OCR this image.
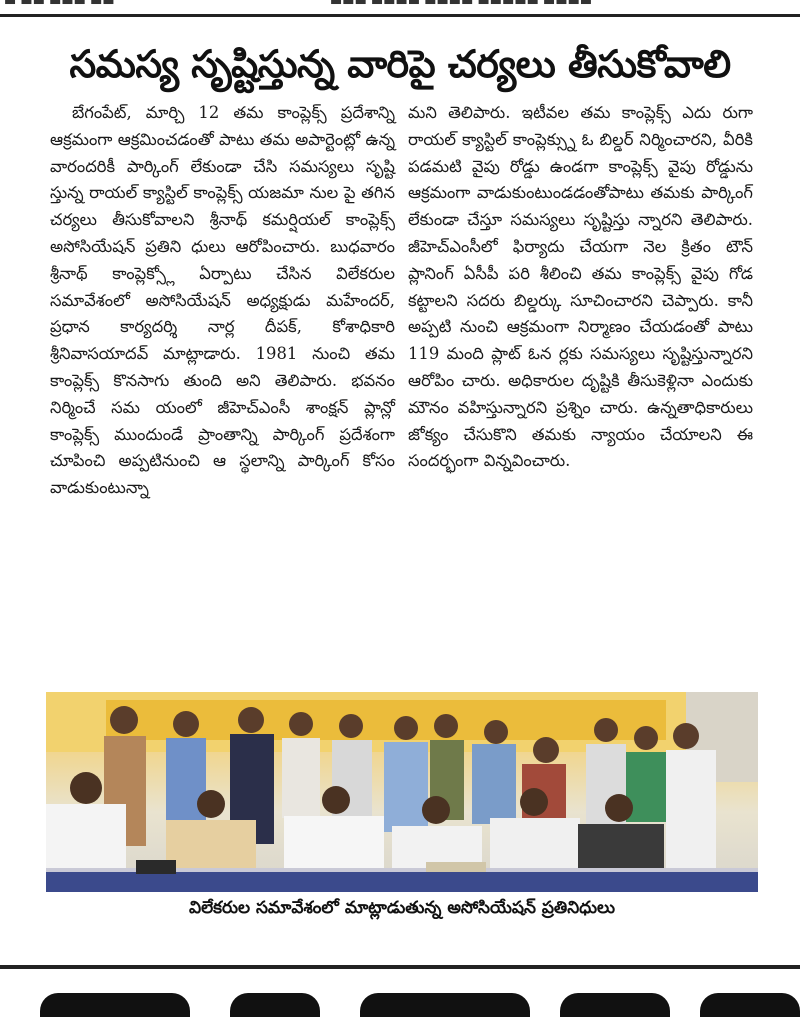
▬ ▬▬ ▬▬▬ ▬▬	▬▬▬ ▬▬▬▬ ▬▬▬▬ ▬▬▬▬▬ ▬▬▬▬
సమస్య సృష్టిస్తున్న వారిపై చర్యలు తీసుకోవాలి
బేగంపేట్, మార్చి 12 తమ కాంప్లెక్స్ ప్రదేశాన్ని ఆక్రమంగా ఆక్రమించడంతో పాటు తమ అపార్టెంట్లో ఉన్న వారందరికీ పార్కింగ్ లేకుండా చేసి సమస్యలు సృష్టి స్తున్న రాయల్ క్యాస్టిల్ కాంప్లెక్స్ యజమా నుల పై తగిన చర్యలు తీసుకోవాలని శ్రీనాథ్ కమర్షియల్ కాంప్లెక్స్ అసోసియేషన్ ప్రతిని ధులు ఆరోపించారు. బుధవారం శ్రీనాథ్ కాంప్లెక్స్లో ఏర్పాటు చేసిన విలేకరుల సమావేశంలో అసోసియేషన్ అధ్యక్షుడు మహేందర్, ప్రధాన కార్యదర్శి నార్ల దీపక్, కోశాధికారి శ్రీనివాసయాదవ్ మాట్లాడారు. 1981 నుంచి తమ కాంప్లెక్స్ కొనసాగు తుంది అని తెలిపారు. భవనం నిర్మించే సమ యంలో జీహెచ్ఎంసీ శాంక్షన్ ప్లాన్లో కాంప్లెక్స్ ముందుండే ప్రాంతాన్ని పార్కింగ్ ప్రదేశంగా చూపించి అప్పటినుంచి ఆ స్థలాన్ని పార్కింగ్ కోసం వాడుకుంటున్నా
మని తెలిపారు. ఇటీవల తమ కాంప్లెక్స్ ఎదు రుగా రాయల్ క్యాస్టిల్ కాంప్లెక్స్ను ఓ బిల్డర్ నిర్మించారని, వీరికి పడమటి వైపు రోడ్డు ఉండగా కాంప్లెక్స్ వైపు రోడ్డును ఆక్రమంగా వాడుకుంటుండడంతోపాటు తమకు పార్కింగ్ లేకుండా చేస్తూ సమస్యలు సృష్టిస్తు న్నారని తెలిపారు. జీహెచ్ఎంసీలో ఫిర్యాదు చేయగా నెల క్రితం టౌన్ ప్లానింగ్ ఏసీపీ పరి శీలించి తమ కాంప్లెక్స్ వైపు గోడ కట్టాలని సదరు బిల్డర్కు సూచించారని చెప్పారు. కానీ అప్పటి నుంచి ఆక్రమంగా నిర్మాణం చేయడంతో పాటు 119 మంది ప్లాట్ ఓన ర్లకు సమస్యలు సృష్టిస్తున్నారని ఆరోపిం చారు. అధికారుల దృష్టికి తీసుకెళ్లినా ఎందుకు మౌనం వహిస్తున్నారని ప్రశ్నిం చారు. ఉన్నతాధికారులు జోక్యం చేసుకొని తమకు న్యాయం చేయాలని ఈ సందర్భంగా విన్నవించారు.
విలేకరుల సమావేశంలో మాట్లాడుతున్న అసోసియేషన్ ప్రతినిధులు
